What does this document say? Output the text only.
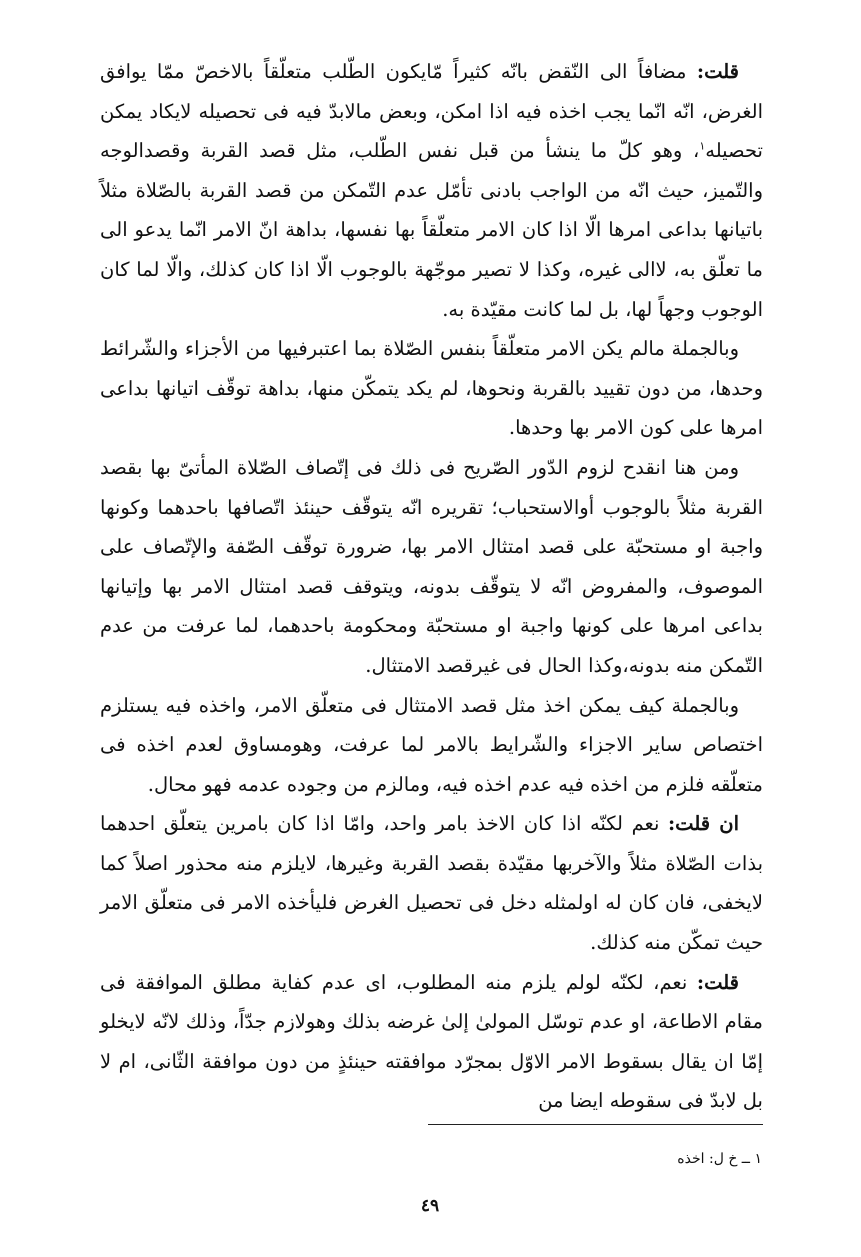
قلت: مضافاً الى النّقض بانّه كثيراً مّايكون الطّلب متعلّقاً بالاخصّ ممّا يوافق الغرض، انّه انّما يجب اخذه فيه اذا امكن، وبعض مالابدّ فيه فى تحصيله لايكاد يمكن تحصيله$^١$، وهو كلّ ما ينشأ من قبل نفس الطّلب، مثل قصد القربة وقصدالوجه والتّميز، حيث انّه من الواجب بادنى تأمّل عدم التّمكن من قصد القربة بالصّلاة مثلاً باتيانها بداعى امرها الّا اذا كان الامر متعلّقاً بها نفسها، بداهة انّ الامر انّما يدعو الى ما تعلّق به، لاالى غيره، وكذا لا تصير موجّهة بالوجوب الّا اذا كان كذلك، والّا لما كان الوجوب وجهاً لها، بل لما كانت مقيّدة به.

وبالجملة مالم يكن الامر متعلّقاً بنفس الصّلاة بما اعتبرفيها من الأجزاء والشّرائط وحدها، من دون تقييد بالقربة ونحوها، لم يكد يتمكّن منها، بداهة توقّف اتيانها بداعى امرها على كون الامر بها وحدها.

ومن هنا انقدح لزوم الدّور الصّريح فى ذلك فى إتّصاف الصّلاة المأتىّ بها بقصد القربة مثلاً بالوجوب أوالاستحباب؛ تقريره انّه يتوقّف حينئذ اتّصافها باحدهما وكونها واجبة او مستحبّة على قصد امتثال الامر بها، ضرورة توقّف الصّفة والإتّصاف على الموصوف، والمفروض انّه لا يتوقّف بدونه، ويتوقف قصد امتثال الامر بها وإتيانها بداعى امرها على كونها واجبة او مستحبّة ومحكومة باحدهما، لما عرفت من عدم التّمكن منه بدونه،وكذا الحال فى غيرقصد الامتثال.

وبالجملة كيف يمكن اخذ مثل قصد الامتثال فى متعلّق الامر، واخذه فيه يستلزم اختصاص ساير الاجزاء والشّرايط بالامر لما عرفت، وهومساوق لعدم اخذه فى متعلّقه فلزم من اخذه فيه عدم اخذه فيه، ومالزم من وجوده عدمه فهو محال.

ان قلت: نعم لكنّه اذا كان الاخذ بامر واحد، وامّا اذا كان بامرين يتعلّق احدهما بذات الصّلاة مثلاً والآخربها مقيّدة بقصد القربة وغيرها، لايلزم منه محذور اصلاً كما لايخفى، فان كان له اولمثله دخل فى تحصيل الغرض فليأخذه الامر فى متعلّق الامر حيث تمكّن منه كذلك.

قلت: نعم، لكنّه لولم يلزم منه المطلوب، اى عدم كفاية مطلق الموافقة فى مقام الاطاعة، او عدم توسّل المولىٰ إلىٰ غرضه بذلك وهولازم جدّاً، وذلك لانّه لايخلو إمّا ان يقال بسقوط الامر الاوّل بمجرّد موافقته حينئذٍ من دون موافقة الثّانى، ام لا بل لابدّ فى سقوطه ايضا من

١ ــ خ ل: اخذه
٤٩
